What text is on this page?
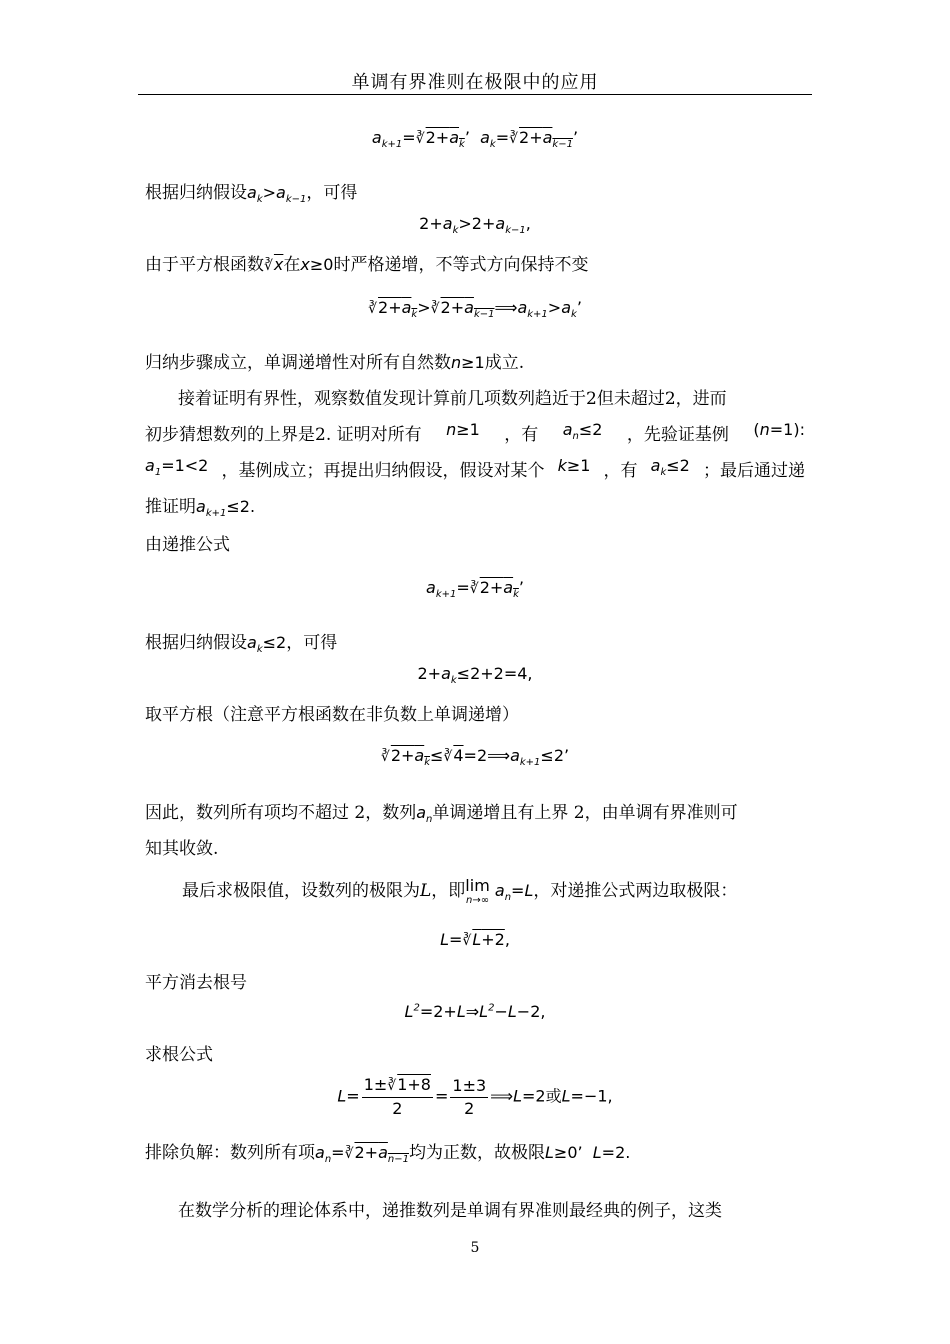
单调有界准则在极限中的应用
$a_{k+1}=∛2+a_k$’  $a_k=∛2+a_{k-1}$’
根据归纳假设$a_k>a_{k-1}$，可得
$2+a_k>2+a_{k-1}$,
由于平方根函数$∛\overline{x}$在x≥0时严格递增，不等式方向保持不变
$∛2+a_k>∛2+a_{k-1}⟹a_{k+1}>a_k$’
归纳步骤成立，单调递增性对所有自然数n≥1成立.
接着证明有界性，观察数值发现计算前几项数列趋近于2但未超过2，进而
初步猜想数列的上界是2. 证明对所有 n≥1 ，有 $a_n\le 2$ ，先验证基例 (n=1):
$a_1=1<2$ ，基例成立；再提出归纳假设，假设对某个 k≥1 ，有 $a_k\le 2$ ；最后通过递
推证明$a_{k+1}\le 2$.
由递推公式
$a_{k+1}=∛2+a_k$’
根据归纳假设$a_k\le 2$，可得
$2+a_k\le 2+2=4$,
取平方根（注意平方根函数在非负数上单调递增）
$∛2+a_k\le∛4=2⟹a_{k+1}\le 2$’
因此，数列所有项均不超过 2，数列$a_n$单调递增且有上界 2，由单调有界准则可
知其收敛.
最后求极限值，设数列的极限为L，即 lim
n→∞
$a_n=L$，对递推公式两边取极限：
L=∛L+2,
平方消去根号
$L^2=2+L\Rightarrow L^2-L-2$,
求根公式
$L= \frac{1\pm∛1+8}{2} = \frac{1\pm 3}{2}$ ⟹L=2或L=−1,
排除负解：数列所有项$a_n=∛2+a_{n-1}$均为正数，故极限L≥0’  L=2.
在数学分析的理论体系中，递推数列是单调有界准则最经典的例子，这类
5
